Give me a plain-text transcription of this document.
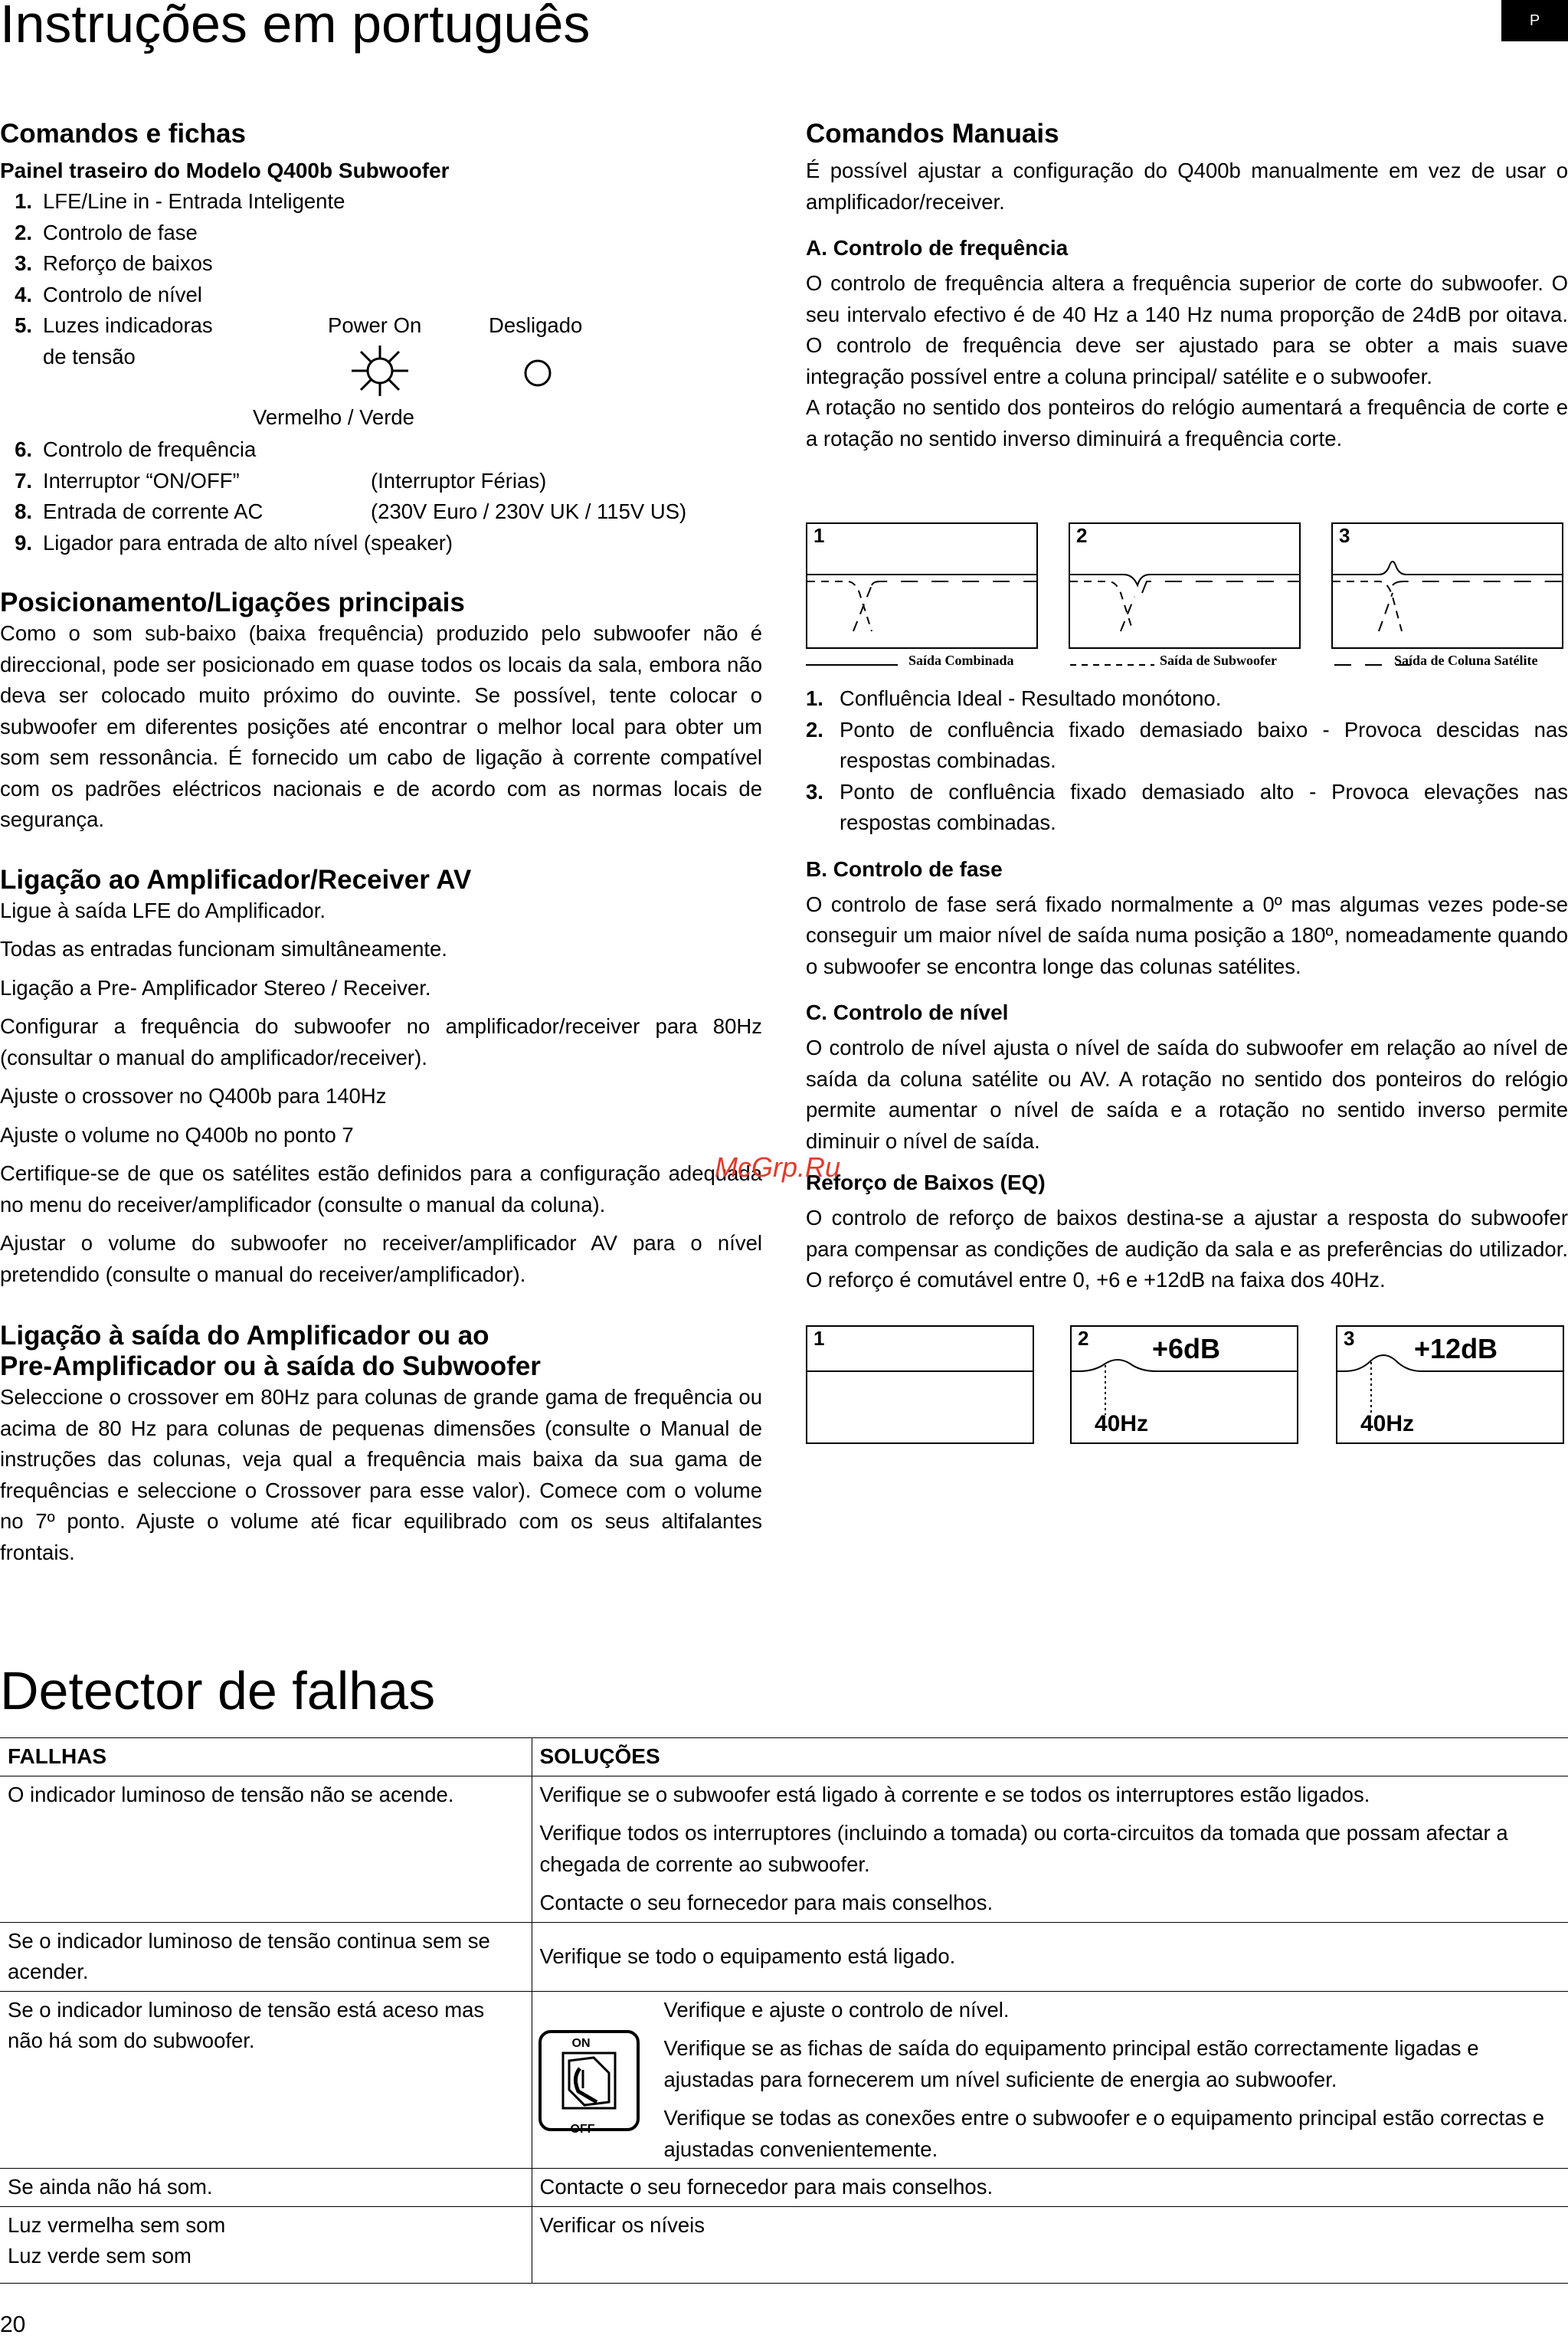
Instruções em português	P
Comandos e fichas
Painel traseiro do Modelo Q400b Subwoofer
1. LFE/Line in - Entrada Inteligente
2. Controlo de fase
3. Reforço de baixos
4. Controlo de nível
5. Luzes indicadoras
de tensão
Power On	Desligado
Vermelho / Verde
6. Controlo de frequência
7. Interruptor “ON/OFF”	(Interruptor Férias)
8. Entrada de corrente AC	(230V Euro / 230V UK / 115V US)
9. Ligador para entrada de alto nível (speaker)
Posicionamento/Ligações principais

Como o som sub-baixo (baixa frequência) produzido pelo subwoofer não é direccional, pode ser posicionado em quase todos os locais da sala, embora não deva ser colocado muito próximo do ouvinte. Se possível, tente colocar o subwoofer em diferentes posições até encontrar o melhor local para obter um som sem ressonância. É fornecido um cabo de ligação à corrente compatível com os padrões eléctricos nacionais e de acordo com as normas locais de segurança.

Ligação ao Amplificador/Receiver AV

Ligue à saída LFE do Amplificador.

Todas as entradas funcionam simultâneamente.

Ligação a Pre- Amplificador Stereo / Receiver.

Configurar a frequência do subwoofer no amplificador/receiver para 80Hz (consultar o manual do amplificador/receiver).

Ajuste o crossover no Q400b para 140Hz

Ajuste o volume no Q400b no ponto 7

Certifique-se de que os satélites estão definidos para a configuração adequada no menu do receiver/amplificador (consulte o manual da coluna).

Ajustar o volume do subwoofer no receiver/amplificador AV para o nível pretendido (consulte o manual do receiver/amplificador).

Ligação à saída do Amplificador ou ao
Pre-Amplificador ou à saída do Subwoofer

Seleccione o crossover em 80Hz para colunas de grande gama de frequência ou acima de 80 Hz para colunas de pequenas dimensões (consulte o Manual de instruções das colunas, veja qual a frequência mais baixa da sua gama de frequências e seleccione o Crossover para esse valor). Comece com o volume no 7º ponto. Ajuste o volume até ficar equilibrado com os seus altifalantes frontais.

Comandos Manuais

É possível ajustar a configuração do Q400b manualmente em vez de usar o amplificador/receiver.

A. Controlo de frequência

O controlo de frequência altera a frequência superior de corte do subwoofer. O seu intervalo efectivo é de 40 Hz a 140 Hz numa proporção de 24dB por oitava. O controlo de frequência deve ser ajustado para se obter a mais suave integração possível entre a coluna principal/ satélite e o subwoofer.

A rotação no sentido dos ponteiros do relógio aumentará a frequência de corte e a rotação no sentido inverso diminuirá a frequência corte.

1	2	3
Saída Combinada	Saída de Subwoofer	Saída de Coluna Satélite
1. Confluência Ideal - Resultado monótono.
2. Ponto de confluência fixado demasiado baixo - Provoca descidas nas respostas combinadas.
3. Ponto de confluência fixado demasiado alto - Provoca elevações nas respostas combinadas.
B. Controlo de fase

O controlo de fase será fixado normalmente a 0º mas algumas vezes pode-se conseguir um maior nível de saída numa posição a 180º, nomeadamente quando o subwoofer se encontra longe das colunas satélites.

C. Controlo de nível

O controlo de nível ajusta o nível de saída do subwoofer em relação ao nível de saída da coluna satélite ou AV. A rotação no sentido dos ponteiros do relógio permite aumentar o nível de saída e a rotação no sentido inverso permite diminuir o nível de saída.

Reforço de Baixos (EQ)

O controlo de reforço de baixos destina-se a ajustar a resposta do subwoofer para compensar as condições de audição da sala e as preferências do utilizador. O reforço é comutável entre 0, +6 e +12dB na faixa dos 40Hz.

1	2 +6dB
40Hz
3 +12dB
40Hz
McGrp.Ru
Detector de falhas
FALLHAS	SOLUÇÕES
O indicador luminoso de tensão não se acende.	Verifique se o subwoofer está ligado à corrente e se todos os interruptores estão ligados.

Verifique todos os interruptores (incluindo a tomada) ou corta-circuitos da tomada que possam afectar a chegada de corrente ao subwoofer.

Contacte o seu fornecedor para mais conselhos.

Se o indicador luminoso de tensão continua sem se acender.	Verifique se todo o equipamento está ligado.

Se o indicador luminoso de tensão está aceso mas não há som do subwoofer.	ON
OFF

Verifique e ajuste o controlo de nível.

Verifique se as fichas de saída do equipamento principal estão correctamente ligadas e ajustadas para fornecerem um nível suficiente de energia ao subwoofer.

Verifique se todas as conexões entre o subwoofer e o equipamento principal estão correctas e ajustadas convenientemente.

Se ainda não há som.	Contacte o seu fornecedor para mais conselhos.

Luz vermelha sem som
Luz verde sem som	Verificar os níveis

20
